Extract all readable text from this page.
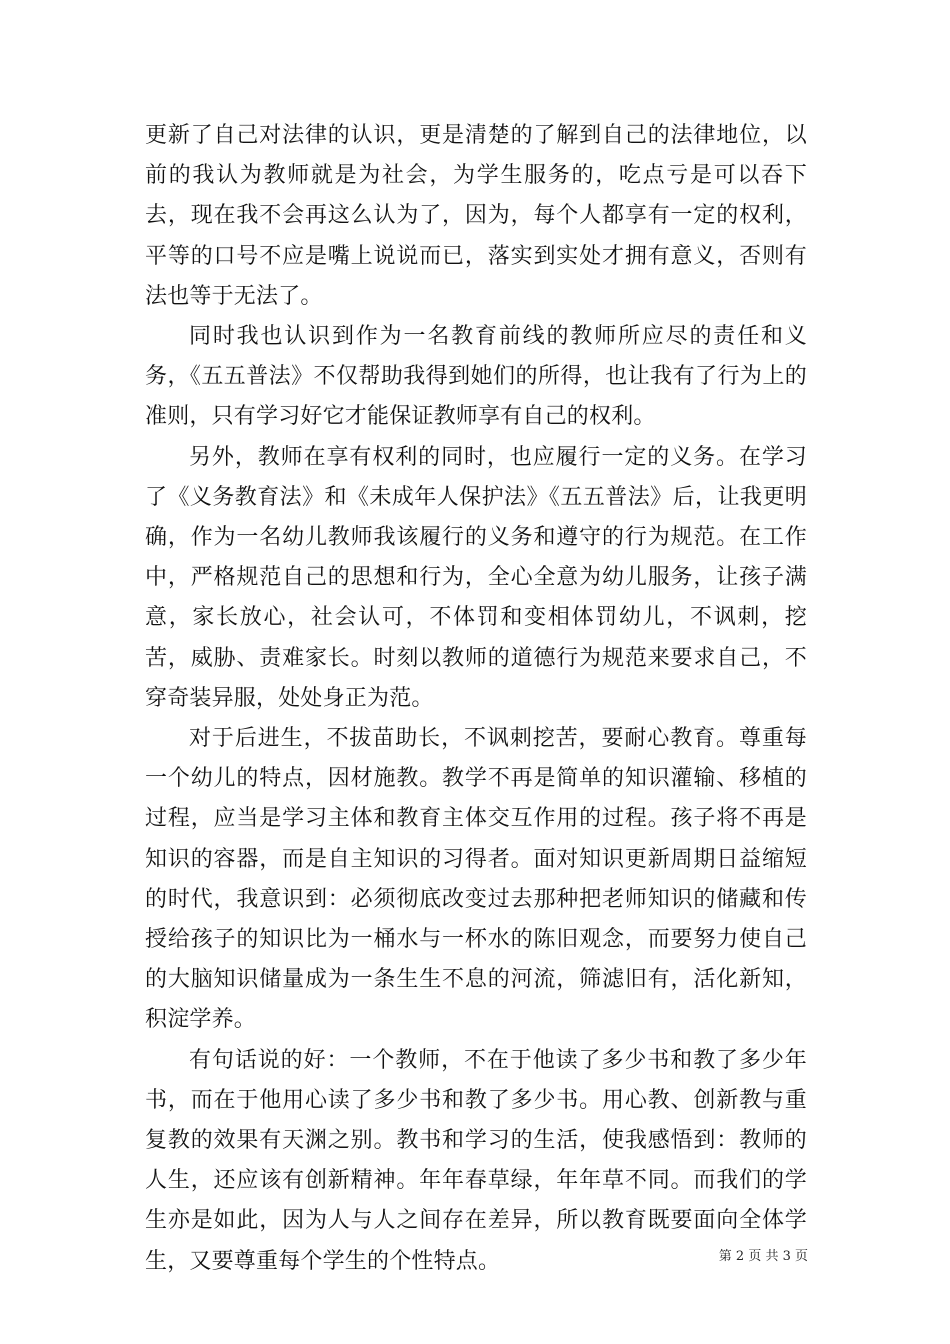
更新了自己对法律的认识，更是清楚的了解到自己的法律地位，以前的我认为教师就是为社会，为学生服务的，吃点亏是可以吞下去，现在我不会再这么认为了，因为，每个人都享有一定的权利，平等的口号不应是嘴上说说而已，落实到实处才拥有意义，否则有法也等于无法了。

同时我也认识到作为一名教育前线的教师所应尽的责任和义务，《五五普法》不仅帮助我得到她们的所得，也让我有了行为上的准则，只有学习好它才能保证教师享有自己的权利。

另外，教师在享有权利的同时，也应履行一定的义务。在学习了《义务教育法》和《未成年人保护法》《五五普法》后，让我更明确，作为一名幼儿教师我该履行的义务和遵守的行为规范。在工作中，严格规范自己的思想和行为，全心全意为幼儿服务，让孩子满意，家长放心，社会认可，不体罚和变相体罚幼儿，不讽刺，挖苦，威胁、责难家长。时刻以教师的道德行为规范来要求自己，不穿奇装异服，处处身正为范。

对于后进生，不拔苗助长，不讽刺挖苦，要耐心教育。尊重每一个幼儿的特点，因材施教。教学不再是简单的知识灌输、移植的过程，应当是学习主体和教育主体交互作用的过程。孩子将不再是知识的容器，而是自主知识的习得者。面对知识更新周期日益缩短的时代，我意识到：必须彻底改变过去那种把老师知识的储藏和传授给孩子的知识比为一桶水与一杯水的陈旧观念，而要努力使自己的大脑知识储量成为一条生生不息的河流，筛滤旧有，活化新知，积淀学养。

有句话说的好：一个教师，不在于他读了多少书和教了多少年书，而在于他用心读了多少书和教了多少书。用心教、创新教与重复教的效果有天渊之别。教书和学习的生活，使我感悟到：教师的人生，还应该有创新精神。年年春草绿，年年草不同。而我们的学生亦是如此，因为人与人之间存在差异，所以教育既要面向全体学生，又要尊重每个学生的个性特点。	第 2 页 共 3 页
